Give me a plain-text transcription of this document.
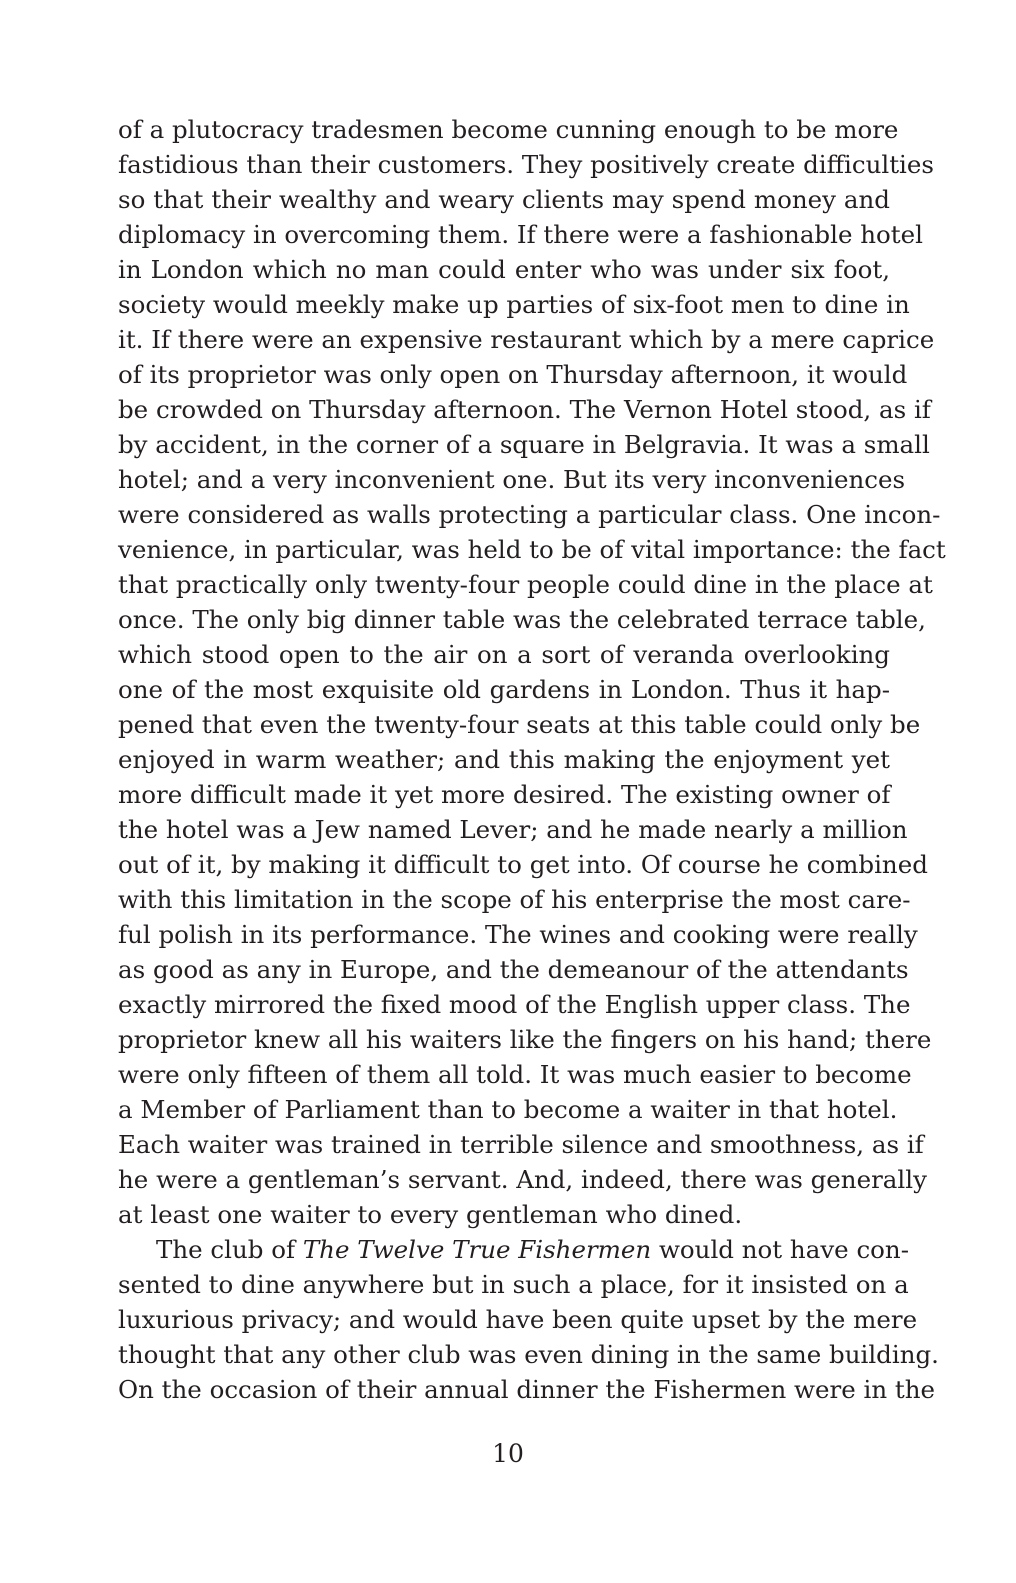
of a plutocracy tradesmen become cunning enough to be more
fastidious than their customers. They positively create difficulties
so that their wealthy and weary clients may spend money and
diplomacy in overcoming them. If there were a fashionable hotel
in London which no man could enter who was under six foot,
society would meekly make up parties of six-foot men to dine in
it. If there were an expensive restaurant which by a mere caprice
of its proprietor was only open on Thursday afternoon, it would
be crowded on Thursday afternoon. The Vernon Hotel stood, as if
by accident, in the corner of a square in Belgravia. It was a small
hotel; and a very inconvenient one. But its very inconveniences
were considered as walls protecting a particular class. One incon-
venience, in particular, was held to be of vital importance: the fact
that practically only twenty-four people could dine in the place at
once. The only big dinner table was the celebrated terrace table,
which stood open to the air on a sort of veranda overlooking
one of the most exquisite old gardens in London. Thus it hap-
pened that even the twenty-four seats at this table could only be
enjoyed in warm weather; and this making the enjoyment yet
more difficult made it yet more desired. The existing owner of
the hotel was a Jew named Lever; and he made nearly a million
out of it, by making it difficult to get into. Of course he combined
with this limitation in the scope of his enterprise the most care-
ful polish in its performance. The wines and cooking were really
as good as any in Europe, and the demeanour of the attendants
exactly mirrored the fixed mood of the English upper class. The
proprietor knew all his waiters like the fingers on his hand; there
were only fifteen of them all told. It was much easier to become
a Member of Parliament than to become a waiter in that hotel.
Each waiter was trained in terrible silence and smoothness, as if
he were a gentleman’s servant. And, indeed, there was generally
at least one waiter to every gentleman who dined.
The club of The Twelve True Fishermen would not have con-
sented to dine anywhere but in such a place, for it insisted on a
luxurious privacy; and would have been quite upset by the mere
thought that any other club was even dining in the same building.
On the occasion of their annual dinner the Fishermen were in the
10
